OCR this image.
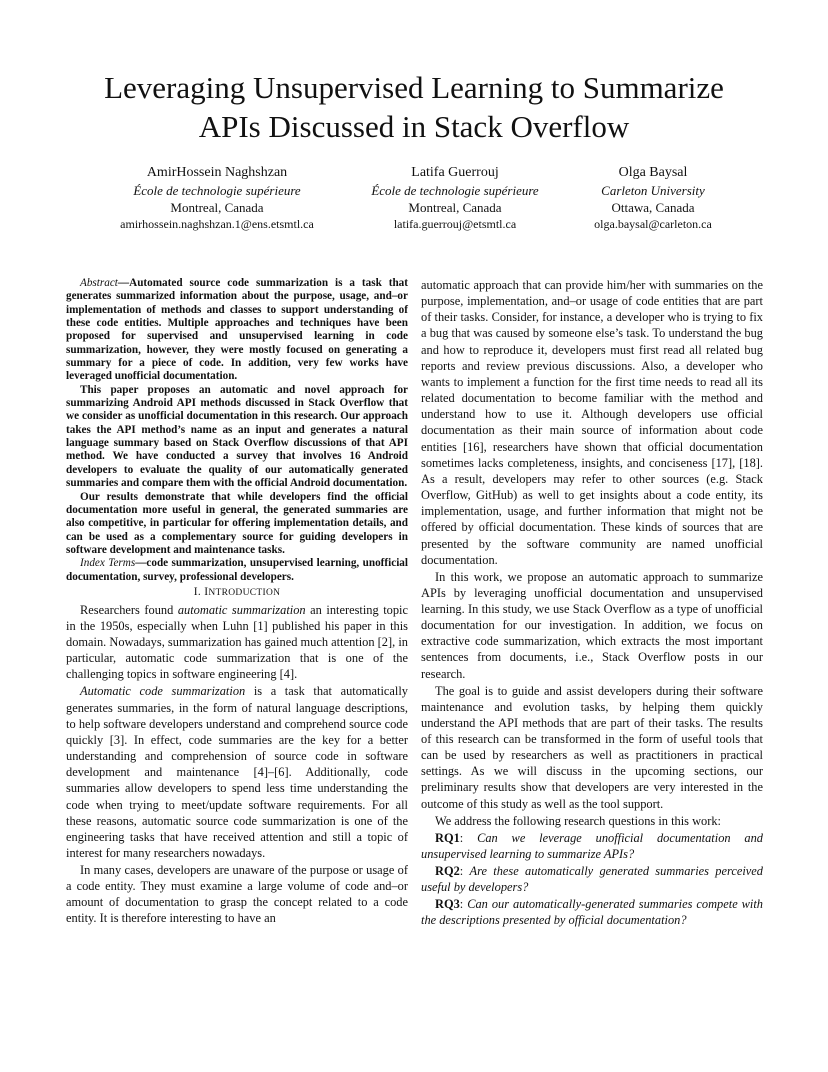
Leveraging Unsupervised Learning to Summarize
APIs Discussed in Stack Overflow
AmirHossein Naghshzan
École de technologie supérieure
Montreal, Canada
amirhossein.naghshzan.1@ens.etsmtl.ca
Latifa Guerrouj
École de technologie supérieure
Montreal, Canada
latifa.guerrouj@etsmtl.ca
Olga Baysal
Carleton University
Ottawa, Canada
olga.baysal@carleton.ca

Abstract—Automated source code summarization is a task that generates summarized information about the purpose, usage, and–or implementation of methods and classes to support understanding of these code entities. Multiple approaches and techniques have been proposed for supervised and unsupervised learning in code summarization, however, they were mostly focused on generating a summary for a piece of code. In addition, very few works have leveraged unofficial documentation.

This paper proposes an automatic and novel approach for summarizing Android API methods discussed in Stack Overflow that we consider as unofficial documentation in this research. Our approach takes the API method’s name as an input and generates a natural language summary based on Stack Overflow discussions of that API method. We have conducted a survey that involves 16 Android developers to evaluate the quality of our automatically generated summaries and compare them with the official Android documentation.

Our results demonstrate that while developers find the official documentation more useful in general, the generated summaries are also competitive, in particular for offering implementation details, and can be used as a complementary source for guiding developers in software development and maintenance tasks.

Index Terms—code summarization, unsupervised learning, unofficial documentation, survey, professional developers.

I. INTRODUCTION

Researchers found automatic summarization an interesting topic in the 1950s, especially when Luhn [1] published his paper in this domain. Nowadays, summarization has gained much attention [2], in particular, automatic code summarization that is one of the challenging topics in software engineering [4].

Automatic code summarization is a task that automatically generates summaries, in the form of natural language descriptions, to help software developers understand and comprehend source code quickly [3]. In effect, code summaries are the key for a better understanding and comprehension of source code in software development and maintenance [4]–[6]. Additionally, code summaries allow developers to spend less time understanding the code when trying to meet/update software requirements. For all these reasons, automatic source code summarization is one of the engineering tasks that have received attention and still a topic of interest for many researchers nowadays.

In many cases, developers are unaware of the purpose or usage of a code entity. They must examine a large volume of code and–or amount of documentation to grasp the concept related to a code entity. It is therefore interesting to have an

automatic approach that can provide him/her with summaries on the purpose, implementation, and–or usage of code entities that are part of their tasks. Consider, for instance, a developer who is trying to fix a bug that was caused by someone else’s task. To understand the bug and how to reproduce it, developers must first read all related bug reports and review previous discussions. Also, a developer who wants to implement a function for the first time needs to read all its related documentation to become familiar with the method and understand how to use it. Although developers use official documentation as their main source of information about code entities [16], researchers have shown that official documentation sometimes lacks completeness, insights, and conciseness [17], [18]. As a result, developers may refer to other sources (e.g. Stack Overflow, GitHub) as well to get insights about a code entity, its implementation, usage, and further information that might not be offered by official documentation. These kinds of sources that are presented by the software community are named unofficial documentation.

In this work, we propose an automatic approach to summarize APIs by leveraging unofficial documentation and unsupervised learning. In this study, we use Stack Overflow as a type of unofficial documentation for our investigation. In addition, we focus on extractive code summarization, which extracts the most important sentences from documents, i.e., Stack Overflow posts in our research.

The goal is to guide and assist developers during their software maintenance and evolution tasks, by helping them quickly understand the API methods that are part of their tasks. The results of this research can be transformed in the form of useful tools that can be used by researchers as well as practitioners in practical settings. As we will discuss in the upcoming sections, our preliminary results show that developers are very interested in the outcome of this study as well as the tool support.

We address the following research questions in this work:

RQ1: Can we leverage unofficial documentation and unsupervised learning to summarize APIs?

RQ2: Are these automatically generated summaries perceived useful by developers?

RQ3: Can our automatically-generated summaries compete with the descriptions presented by official documentation?
